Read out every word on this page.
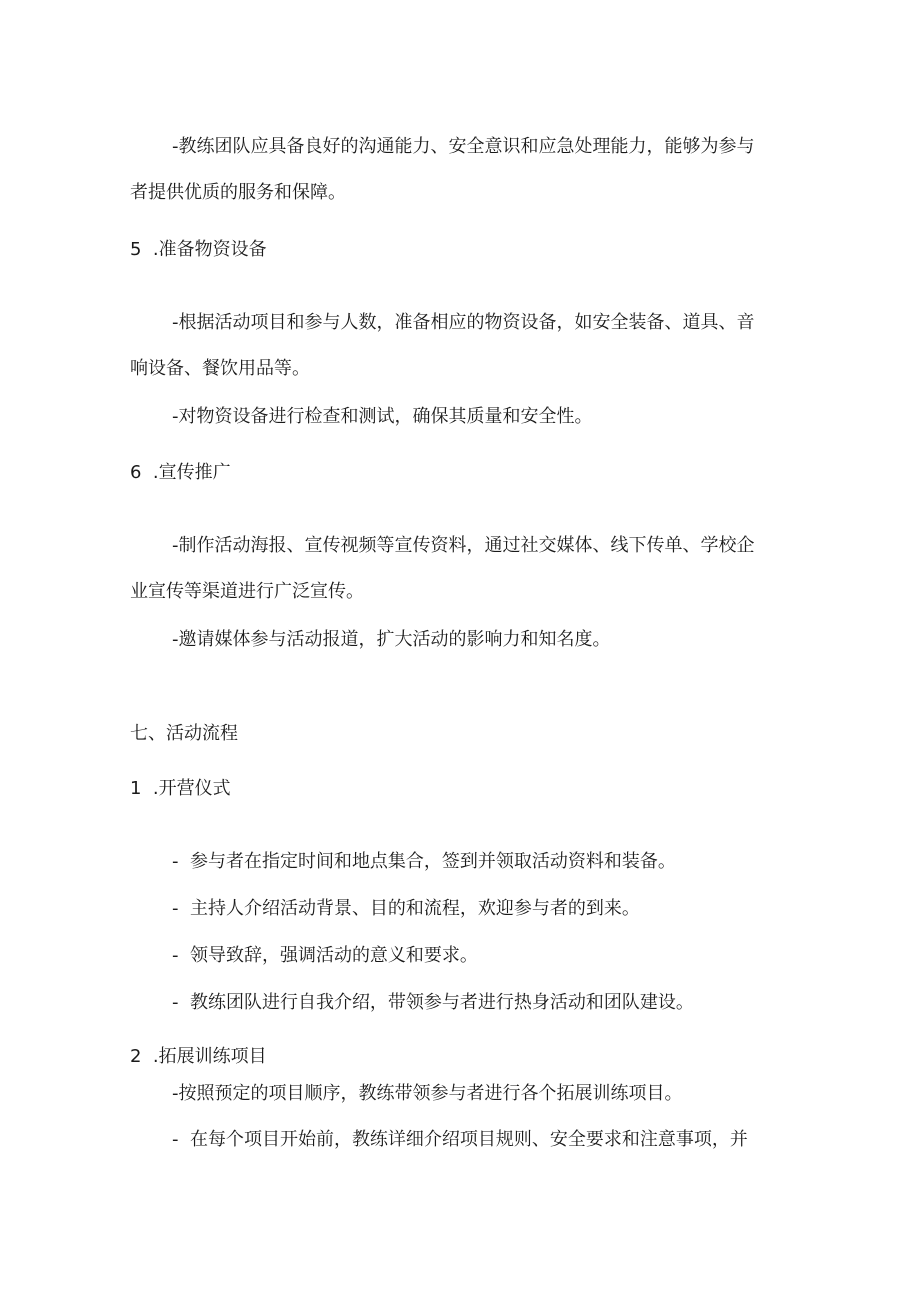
-教练团队应具备良好的沟通能力、安全意识和应急处理能力，能够为参与
者提供优质的服务和保障。
5  .准备物资设备
-根据活动项目和参与人数，准备相应的物资设备，如安全装备、道具、音
响设备、餐饮用品等。
-对物资设备进行检查和测试，确保其质量和安全性。
6  .宣传推广
-制作活动海报、宣传视频等宣传资料，通过社交媒体、线下传单、学校企
业宣传等渠道进行广泛宣传。
-邀请媒体参与活动报道，扩大活动的影响力和知名度。
七、活动流程
1  .开营仪式
-  参与者在指定时间和地点集合，签到并领取活动资料和装备。
-  主持人介绍活动背景、目的和流程，欢迎参与者的到来。
-  领导致辞，强调活动的意义和要求。
-  教练团队进行自我介绍，带领参与者进行热身活动和团队建设。
2  .拓展训练项目
-按照预定的项目顺序，教练带领参与者进行各个拓展训练项目。
-  在每个项目开始前，教练详细介绍项目规则、安全要求和注意事项，并
